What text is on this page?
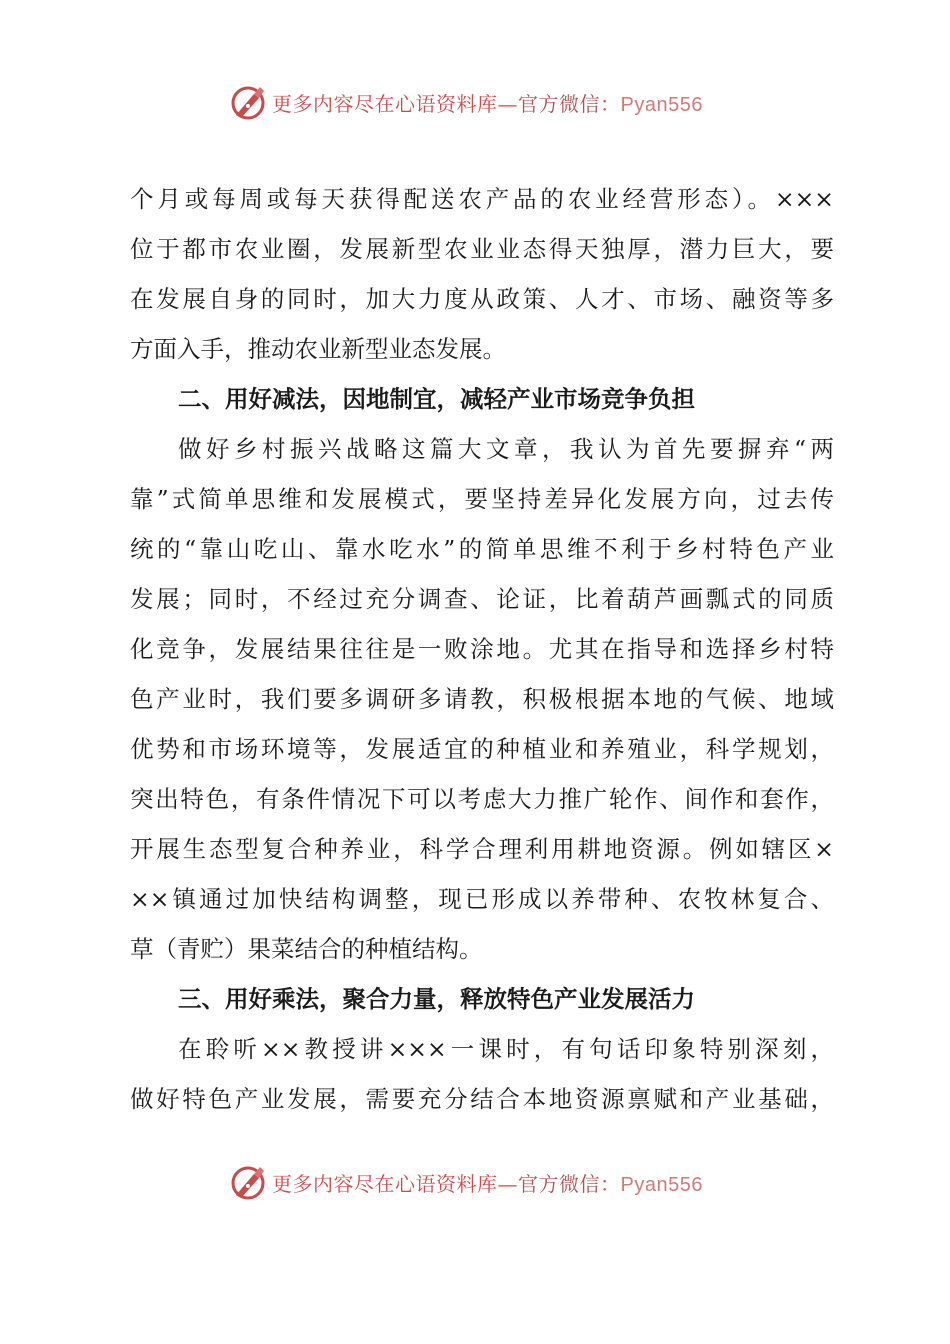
更多内容尽在心语资料库—官方微信：Pyan556
个月或每周或每天获得配送农产品的农业经营形态）。×××
位于都市农业圈，发展新型农业业态得天独厚，潜力巨大，要
在发展自身的同时，加大力度从政策、人才、市场、融资等多
方面入手，推动农业新型业态发展。
二、用好减法，因地制宜，减轻产业市场竞争负担
做好乡村振兴战略这篇大文章，我认为首先要摒弃“两
靠”式简单思维和发展模式，要坚持差异化发展方向，过去传
统的“靠山吃山、靠水吃水”的简单思维不利于乡村特色产业
发展；同时，不经过充分调查、论证，比着葫芦画瓢式的同质
化竞争，发展结果往往是一败涂地。尤其在指导和选择乡村特
色产业时，我们要多调研多请教，积极根据本地的气候、地域
优势和市场环境等，发展适宜的种植业和养殖业，科学规划，
突出特色，有条件情况下可以考虑大力推广轮作、间作和套作，
开展生态型复合种养业，科学合理利用耕地资源。例如辖区×
××镇通过加快结构调整，现已形成以养带种、农牧林复合、
草（青贮）果菜结合的种植结构。
三、用好乘法，聚合力量，释放特色产业发展活力
在聆听××教授讲×××一课时，有句话印象特别深刻，
做好特色产业发展，需要充分结合本地资源禀赋和产业基础，
更多内容尽在心语资料库—官方微信：Pyan556
